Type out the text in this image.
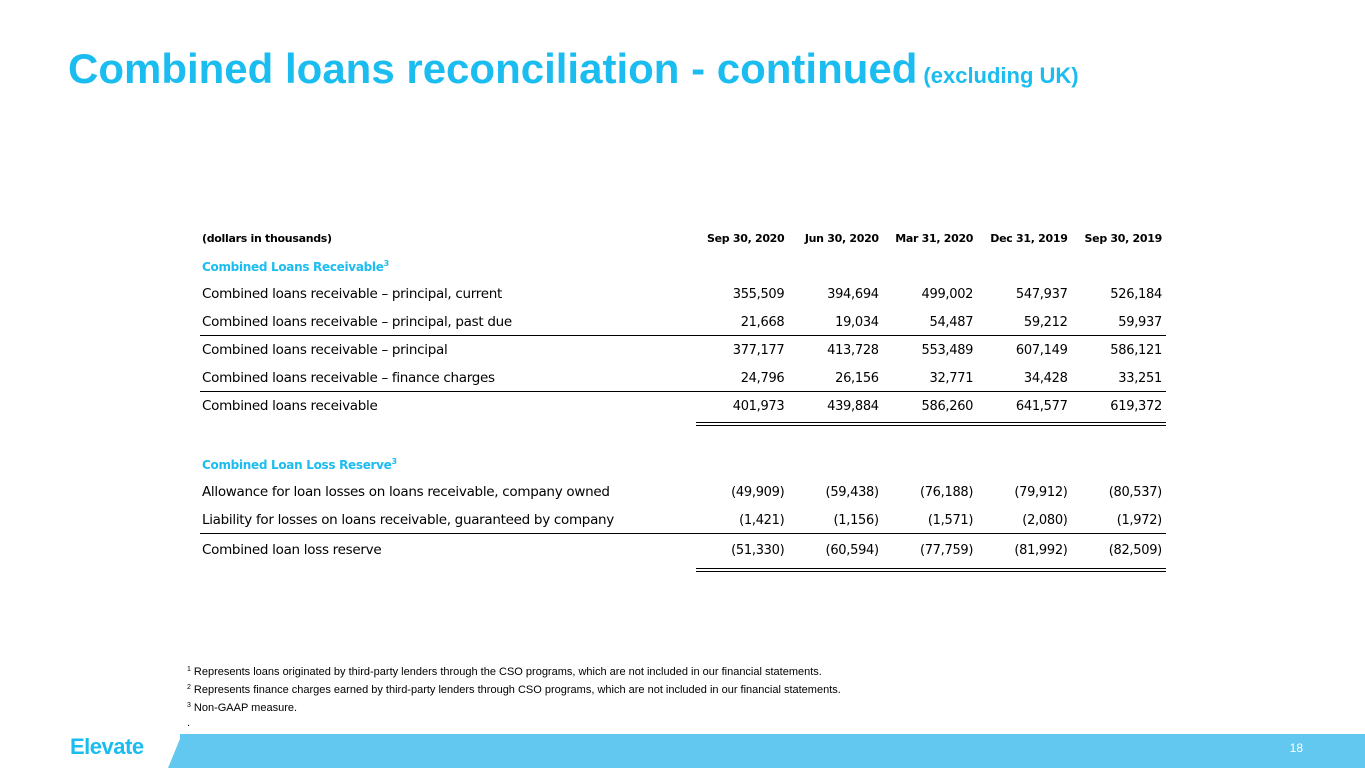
Combined loans reconciliation - continued (excluding UK)
(dollars in thousands)	Sep 30, 2020	Jun 30, 2020	Mar 31, 2020	Dec 31, 2019	Sep 30, 2019
Combined Loans Receivable$^3$
Combined loans receivable – principal, current	355,509	394,694	499,002	547,937	526,184
Combined loans receivable – principal, past due	21,668	19,034	54,487	59,212	59,937
Combined loans receivable – principal	377,177	413,728	553,489	607,149	586,121
Combined loans receivable – finance charges	24,796	26,156	32,771	34,428	33,251
Combined loans receivable	401,973	439,884	586,260	641,577	619,372
Combined Loan Loss Reserve$^3$
Allowance for loan losses on loans receivable, company owned	(49,909)	(59,438)	(76,188)	(79,912)	(80,537)
Liability for losses on loans receivable, guaranteed by company	(1,421)	(1,156)	(1,571)	(2,080)	(1,972)
Combined loan loss reserve	(51,330)	(60,594)	(77,759)	(81,992)	(82,509)
$^1$ Represents loans originated by third-party lenders through the CSO programs, which are not included in our financial statements.
$^2$ Represents finance charges earned by third-party lenders through CSO programs, which are not included in our financial statements.
$^3$ Non-GAAP measure.
.
Elevate	18
